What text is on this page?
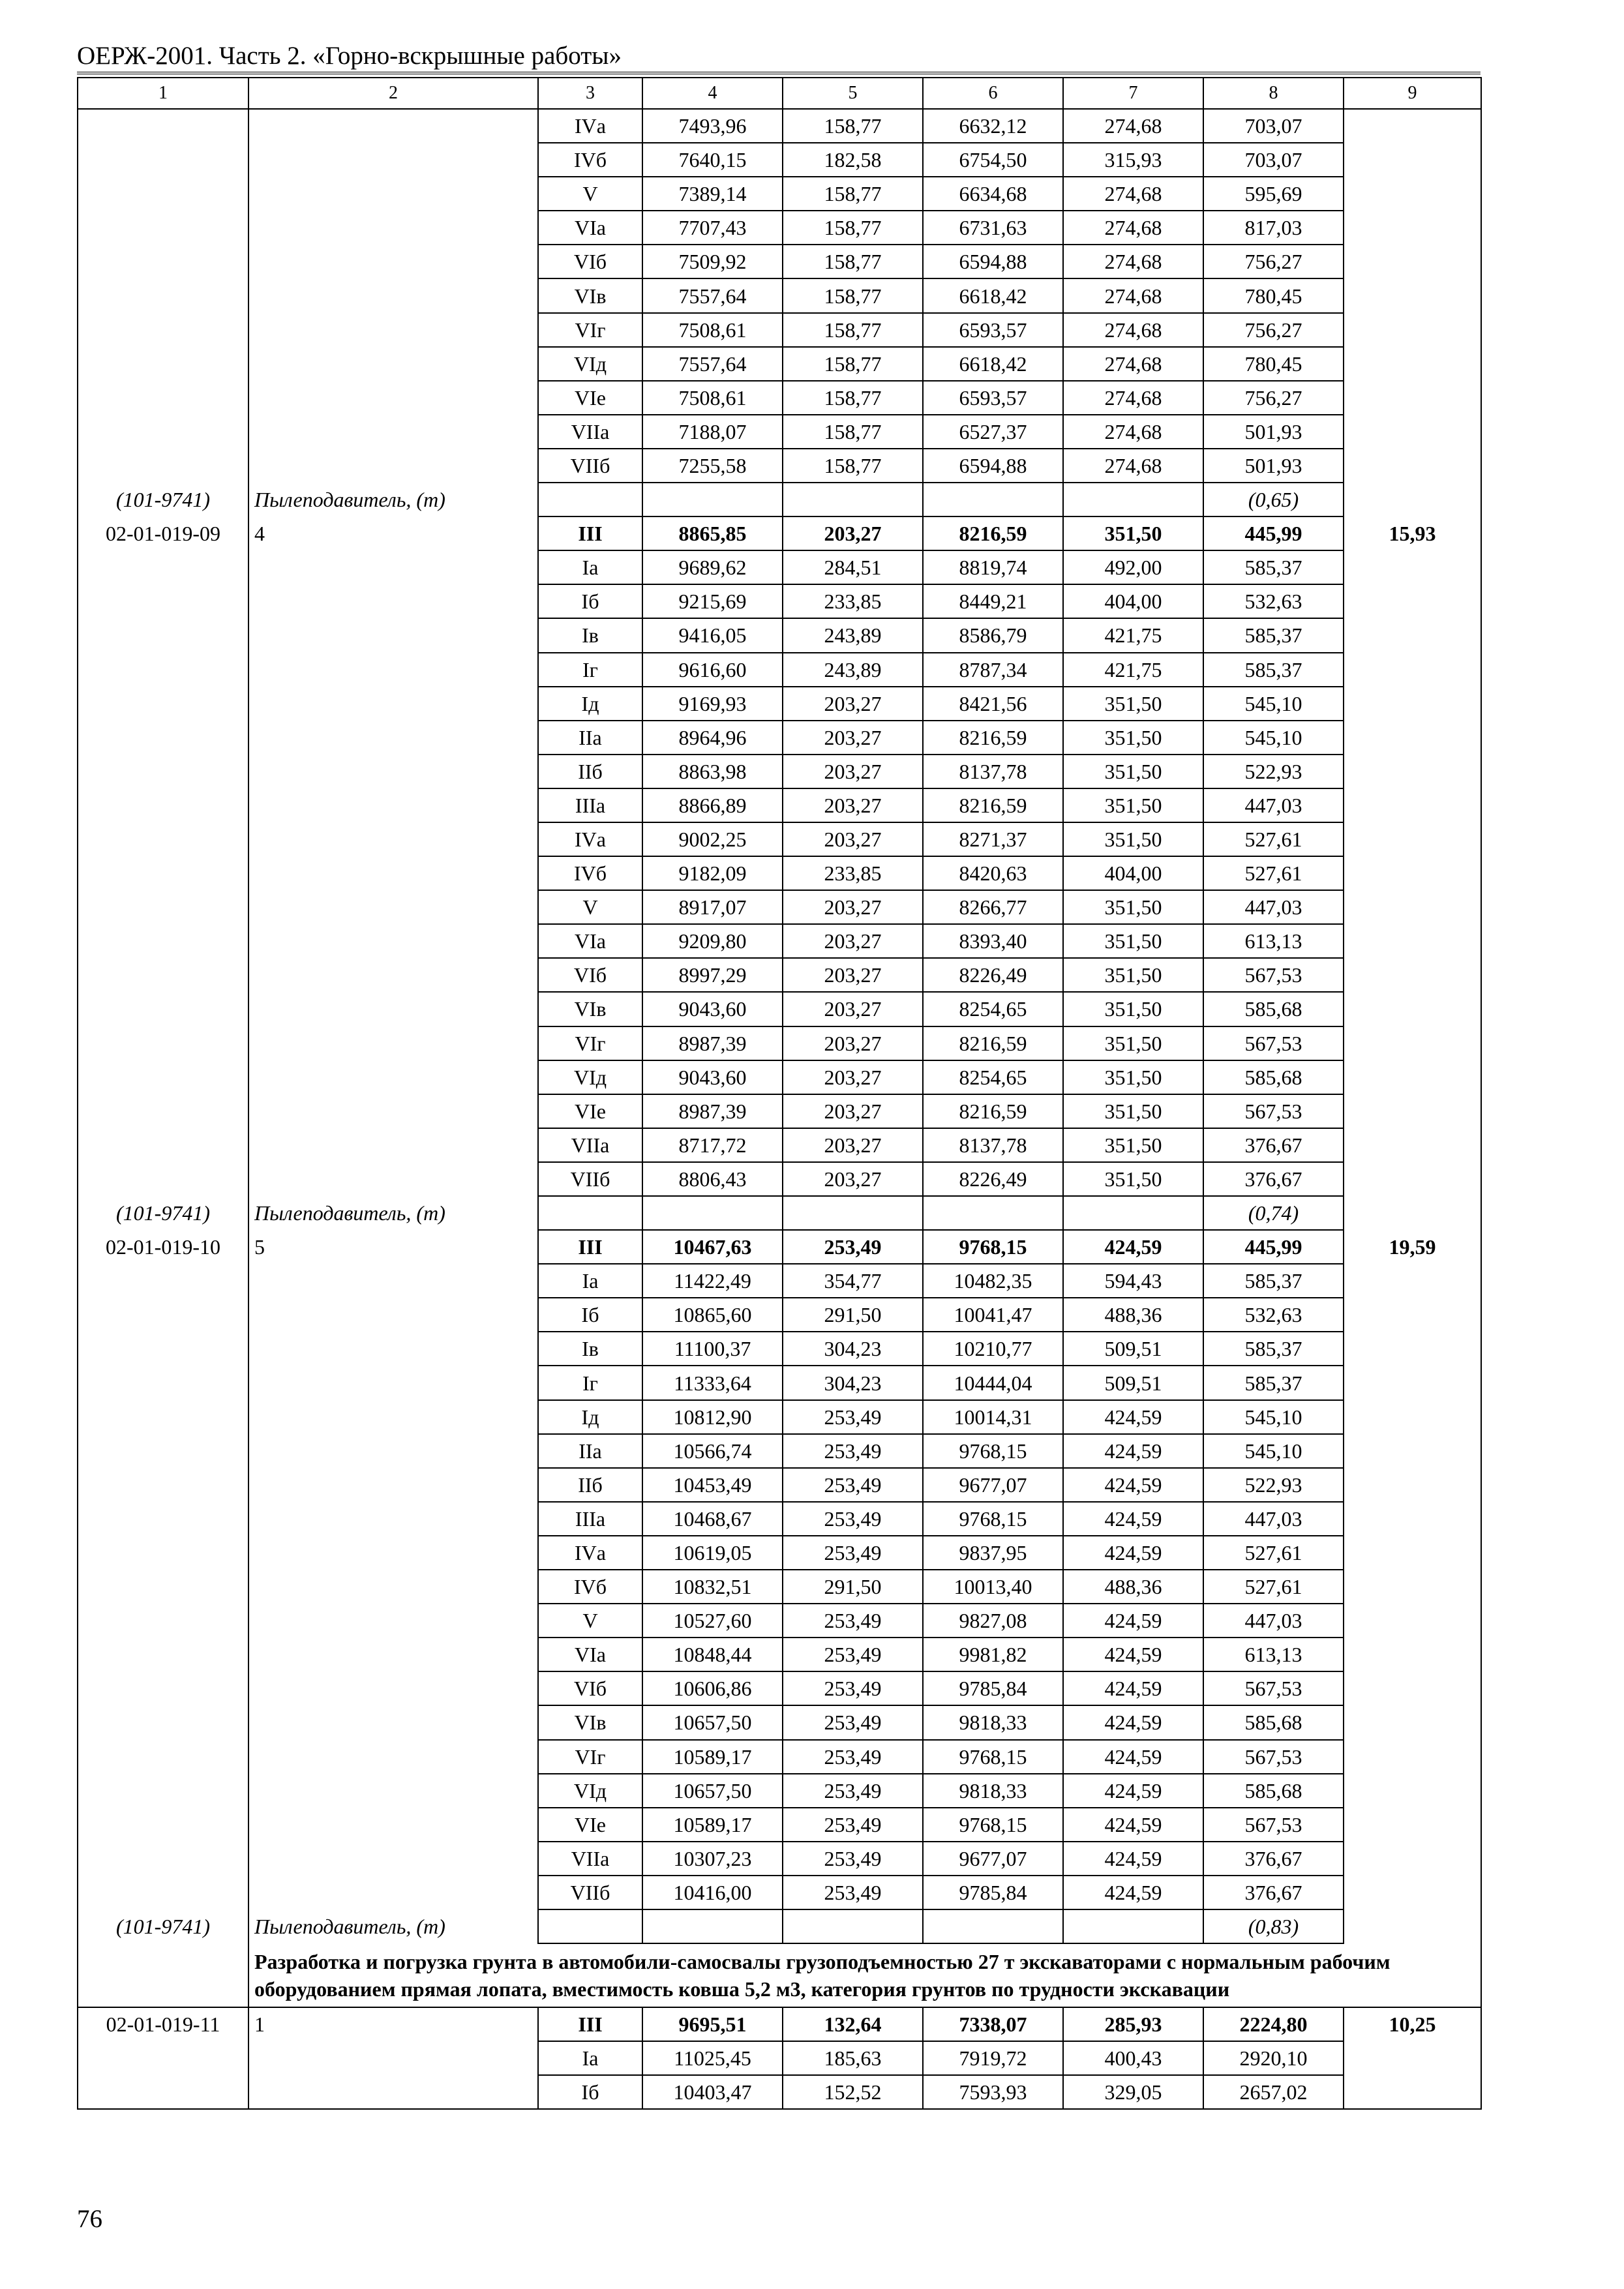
ОЕРЖ-2001. Часть 2. «Горно-вскрышные работы»
1	2	3	4	5	6	7	8	9
		IVа	7493,96	158,77	6632,12	274,68	703,07	
		IVб	7640,15	182,58	6754,50	315,93	703,07	
		V	7389,14	158,77	6634,68	274,68	595,69	
		VIа	7707,43	158,77	6731,63	274,68	817,03	
		VIб	7509,92	158,77	6594,88	274,68	756,27	
		VIв	7557,64	158,77	6618,42	274,68	780,45	
		VIг	7508,61	158,77	6593,57	274,68	756,27	
		VIд	7557,64	158,77	6618,42	274,68	780,45	
		VIе	7508,61	158,77	6593,57	274,68	756,27	
		VIIа	7188,07	158,77	6527,37	274,68	501,93	
		VIIб	7255,58	158,77	6594,88	274,68	501,93	
(101-9741)	Пылеподавитель, (т)						(0,65)	
02-01-019-09	4	III	8865,85	203,27	8216,59	351,50	445,99	15,93
		Iа	9689,62	284,51	8819,74	492,00	585,37	
		Iб	9215,69	233,85	8449,21	404,00	532,63	
		Iв	9416,05	243,89	8586,79	421,75	585,37	
		Iг	9616,60	243,89	8787,34	421,75	585,37	
		Iд	9169,93	203,27	8421,56	351,50	545,10	
		IIа	8964,96	203,27	8216,59	351,50	545,10	
		IIб	8863,98	203,27	8137,78	351,50	522,93	
		IIIа	8866,89	203,27	8216,59	351,50	447,03	
		IVа	9002,25	203,27	8271,37	351,50	527,61	
		IVб	9182,09	233,85	8420,63	404,00	527,61	
		V	8917,07	203,27	8266,77	351,50	447,03	
		VIа	9209,80	203,27	8393,40	351,50	613,13	
		VIб	8997,29	203,27	8226,49	351,50	567,53	
		VIв	9043,60	203,27	8254,65	351,50	585,68	
		VIг	8987,39	203,27	8216,59	351,50	567,53	
		VIд	9043,60	203,27	8254,65	351,50	585,68	
		VIе	8987,39	203,27	8216,59	351,50	567,53	
		VIIа	8717,72	203,27	8137,78	351,50	376,67	
		VIIб	8806,43	203,27	8226,49	351,50	376,67	
(101-9741)	Пылеподавитель, (т)						(0,74)	
02-01-019-10	5	III	10467,63	253,49	9768,15	424,59	445,99	19,59
		Iа	11422,49	354,77	10482,35	594,43	585,37	
		Iб	10865,60	291,50	10041,47	488,36	532,63	
		Iв	11100,37	304,23	10210,77	509,51	585,37	
		Iг	11333,64	304,23	10444,04	509,51	585,37	
		Iд	10812,90	253,49	10014,31	424,59	545,10	
		IIа	10566,74	253,49	9768,15	424,59	545,10	
		IIб	10453,49	253,49	9677,07	424,59	522,93	
		IIIа	10468,67	253,49	9768,15	424,59	447,03	
		IVа	10619,05	253,49	9837,95	424,59	527,61	
		IVб	10832,51	291,50	10013,40	488,36	527,61	
		V	10527,60	253,49	9827,08	424,59	447,03	
		VIа	10848,44	253,49	9981,82	424,59	613,13	
		VIб	10606,86	253,49	9785,84	424,59	567,53	
		VIв	10657,50	253,49	9818,33	424,59	585,68	
		VIг	10589,17	253,49	9768,15	424,59	567,53	
		VIд	10657,50	253,49	9818,33	424,59	585,68	
		VIе	10589,17	253,49	9768,15	424,59	567,53	
		VIIа	10307,23	253,49	9677,07	424,59	376,67	
		VIIб	10416,00	253,49	9785,84	424,59	376,67	
(101-9741)	Пылеподавитель, (т)						(0,83)	
	Разработка и погрузка грунта в автомобили-самосвалы грузоподъемностью 27 т экскаваторами с нормальным рабочим оборудованием прямая лопата, вместимость ковша 5,2 м3, категория грунтов по трудности экскавации							
02-01-019-11	1	III	9695,51	132,64	7338,07	285,93	2224,80	10,25
		Iа	11025,45	185,63	7919,72	400,43	2920,10	
		Iб	10403,47	152,52	7593,93	329,05	2657,02	
76
